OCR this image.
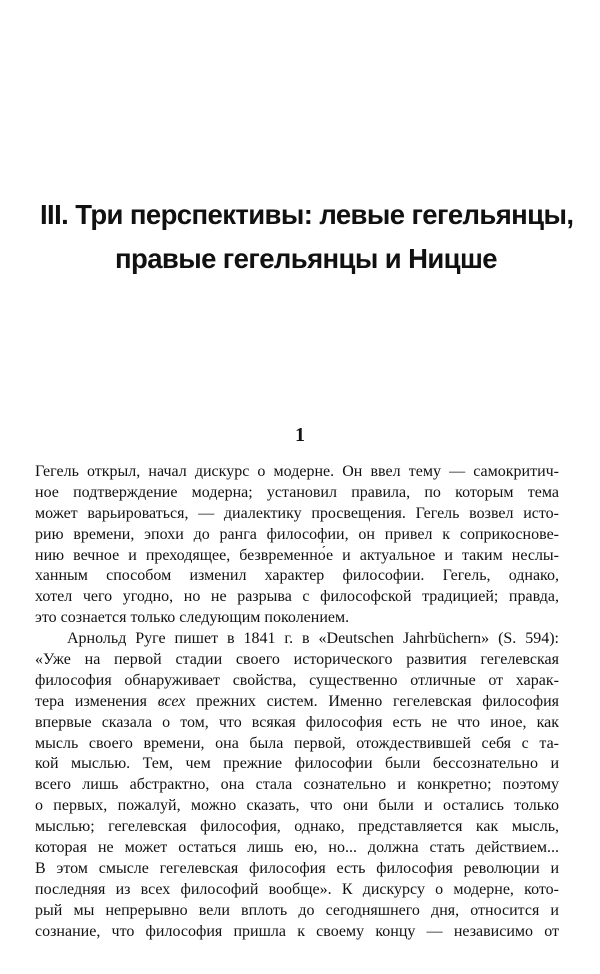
III. Три перспективы: левые гегельянцы,
правые гегельянцы и Ницше
1

Гегель открыл, начал дискурс о модерне. Он ввел тему — самокритич-
ное подтверждение модерна; установил правила, по которым тема
может варьироваться, — диалектику просвещения. Гегель возвел исто-
рию времени, эпохи до ранга философии, он привел к соприкоснове-
нию вечное и преходящее, безвременно́е и актуальное и таким неслы-
ханным способом изменил характер философии. Гегель, однако,
хотел чего угодно, но не разрыва с философской традицией; правда,
это сознается только следующим поколением.

Арнольд Руге пишет в 1841 г. в «Deutschen Jahrbüchern» (S. 594):
«Уже на первой стадии своего исторического развития гегелевская
философия обнаруживает свойства, существенно отличные от харак-
тера изменения всех прежних систем. Именно гегелевская философия
впервые сказала о том, что всякая философия есть не что иное, как
мысль своего времени, она была первой, отождествившей себя с та-
кой мыслью. Тем, чем прежние философии были бессознательно и
всего лишь абстрактно, она стала сознательно и конкретно; поэтому
о первых, пожалуй, можно сказать, что они были и остались только
мыслью; гегелевская философия, однако, представляется как мысль,
которая не может остаться лишь ею, но... должна стать действием...
В этом смысле гегелевская философия есть философия революции и
последняя из всех философий вообще». К дискурсу о модерне, кото-
рый мы непрерывно вели вплоть до сегодняшнего дня, относится и
сознание, что философия пришла к своему концу — независимо от
